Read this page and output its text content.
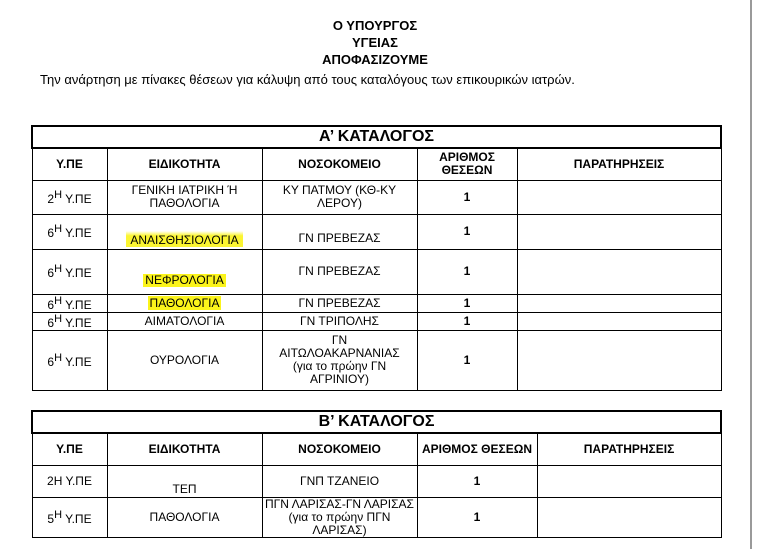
Ο ΥΠΟΥΡΓΟΣ
ΥΓΕΙΑΣ
ΑΠΟΦΑΣΙΖΟΥΜΕ
Την ανάρτηση με πίνακες θέσεων για κάλυψη από τους καταλόγους των επικουρικών ιατρών.
Α’ ΚΑΤΑΛΟΓΟΣ				
Υ.ΠΕ	ΕΙΔΙΚΟΤΗΤΑ	ΝΟΣΟΚΟΜΕΙΟ	ΑΡΙΘΜΟΣ ΘΕΣΕΩΝ	ΠΑΡΑΤΗΡΗΣΕΙΣ
$2^H$ Υ.ΠΕ	ΓΕΝΙΚΗ ΙΑΤΡΙΚΗ Ή ΠΑΘΟΛΟΓΙΑ	ΚΥ ΠΑΤΜΟΥ (ΚΘ-ΚΥ ΛΕΡΟΥ)	1	
$6^H$ Υ.ΠΕ	ΑΝΑΙΣΘΗΣΙΟΛΟΓΙΑ	ΓΝ ΠΡΕΒΕΖΑΣ	1	
$6^H$ Υ.ΠΕ	ΝΕΦΡΟΛΟΓΙΑ	ΓΝ ΠΡΕΒΕΖΑΣ	1	
$6^H$ Υ.ΠΕ	ΠΑΘΟΛΟΓΙΑ	ΓΝ ΠΡΕΒΕΖΑΣ	1	
$6^H$ Υ.ΠΕ	ΑΙΜΑΤΟΛΟΓΙΑ	ΓΝ ΤΡΙΠΟΛΗΣ	1	
$6^H$ Υ.ΠΕ	ΟΥΡΟΛΟΓΙΑ	ΓΝ
ΑΙΤΩΛΟΑΚΑΡΝΑΝΙΑΣ
(για το πρώην ΓΝ
ΑΓΡΙΝΙΟΥ)	1	
Β’ ΚΑΤΑΛΟΓΟΣ				
Υ.ΠΕ	ΕΙΔΙΚΟΤΗΤΑ	ΝΟΣΟΚΟΜΕΙΟ	ΑΡΙΘΜΟΣ ΘΕΣΕΩΝ	ΠΑΡΑΤΗΡΗΣΕΙΣ
2Η Υ.ΠΕ	ΤΕΠ	ΓΝΠ ΤΖΑΝΕΙΟ	1	
$5^H$ Υ.ΠΕ	ΠΑΘΟΛΟΓΙΑ	ΠΓΝ ΛΑΡΙΣΑΣ-ΓΝ ΛΑΡΙΣΑΣ
(για το πρώην ΠΓΝ ΛΑΡΙΣΑΣ)	1	
